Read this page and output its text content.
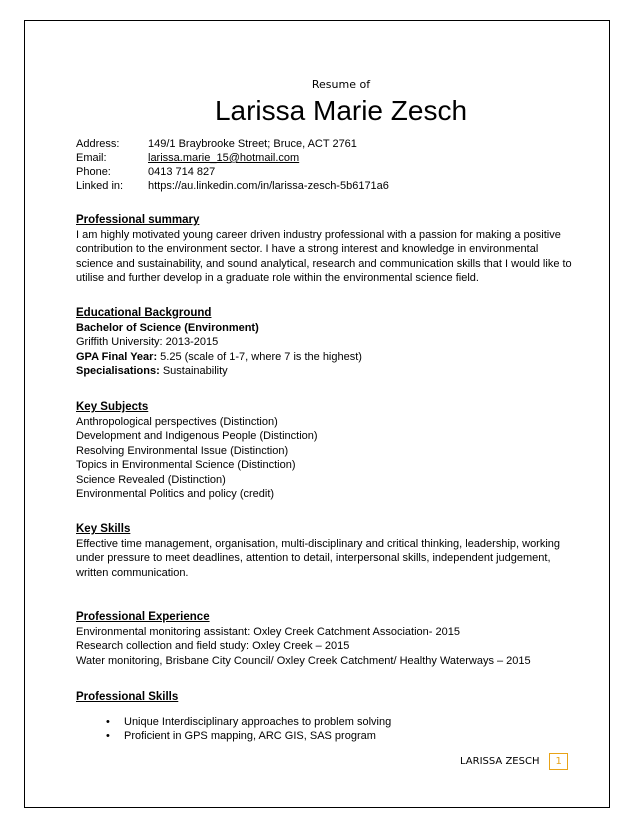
Resume of
Larissa Marie Zesch
Address:	149/1 Braybrooke Street; Bruce, ACT 2761
Email:	larissa.marie_15@hotmail.com
Phone:	0413 714 827
Linked in:	https://au.linkedin.com/in/larissa-zesch-5b6171a6
Professional summary
I am highly motivated young career driven industry professional with a passion for making a positive contribution to the environment sector. I have a strong interest and knowledge in environmental science and sustainability, and sound analytical, research and communication skills that I would like to utilise and further develop in a graduate role within the environmental science field.
Educational Background
Bachelor of Science (Environment)
Griffith University: 2013-2015
GPA Final Year: 5.25 (scale of 1-7, where 7 is the highest)
Specialisations: Sustainability
Key Subjects
Anthropological perspectives (Distinction)
Development and Indigenous People (Distinction)
Resolving Environmental Issue (Distinction)
Topics in Environmental Science (Distinction)
Science Revealed (Distinction)
Environmental Politics and policy (credit)
Key Skills
Effective time management, organisation, multi-disciplinary and critical thinking, leadership, working under pressure to meet deadlines, attention to detail, interpersonal skills, independent judgement, written communication.
Professional Experience
Environmental monitoring assistant: Oxley Creek Catchment Association- 2015
Research collection and field study: Oxley Creek – 2015
Water monitoring, Brisbane City Council/ Oxley Creek Catchment/ Healthy Waterways – 2015
Professional Skills
• Unique Interdisciplinary approaches to problem solving
• Proficient in GPS mapping, ARC GIS, SAS program
LARISSA ZESCH	1
